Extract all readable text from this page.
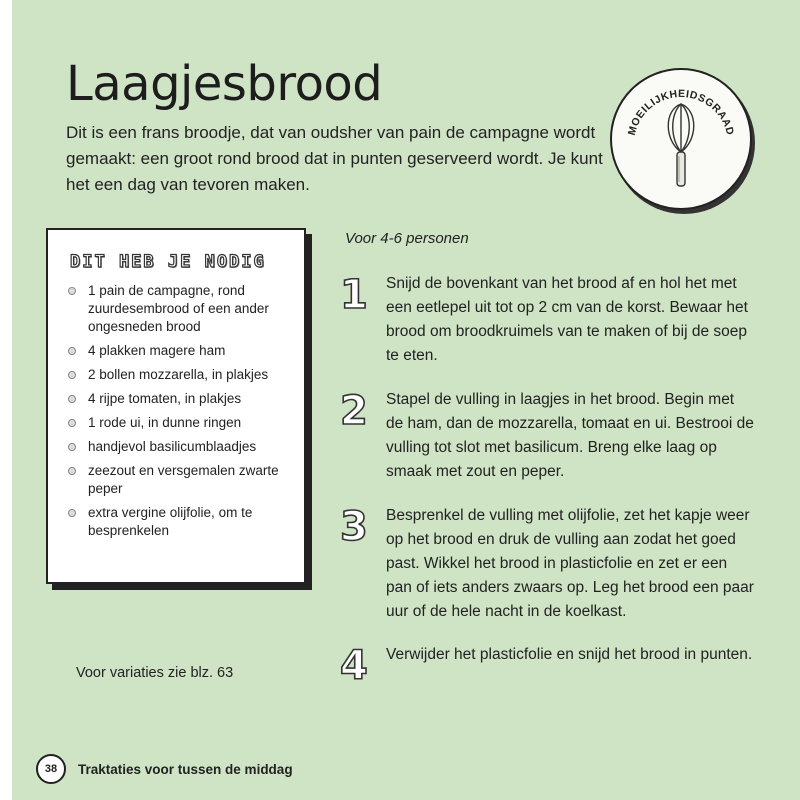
Laagjesbrood
Dit is een frans broodje, dat van oudsher van pain de campagne wordt gemaakt: een groot rond brood dat in punten geserveerd wordt. Je kunt het een dag van tevoren maken.
MOEILIJKHEIDSGRAAD
DIT HEB JE NODIG
1 pain de campagne, rond zuurdesembrood of een ander ongesneden brood
4 plakken magere ham
2 bollen mozzarella, in plakjes
4 rijpe tomaten, in plakjes
1 rode ui, in dunne ringen
handjevol basilicumblaadjes
zeezout en versgemalen zwarte peper
extra vergine olijfolie, om te besprenkelen
Voor variaties zie blz. 63
Voor 4-6 personen
1 Snijd de bovenkant van het brood af en hol het met een eetlepel uit tot op 2 cm van de korst. Bewaar het brood om broodkruimels van te maken of bij de soep te eten.
2 Stapel de vulling in laagjes in het brood. Begin met de ham, dan de mozzarella, tomaat en ui. Bestrooi de vulling tot slot met basilicum. Breng elke laag op smaak met zout en peper.
3 Besprenkel de vulling met olijfolie, zet het kapje weer op het brood en druk de vulling aan zodat het goed past. Wikkel het brood in plasticfolie en zet er een pan of iets anders zwaars op. Leg het brood een paar uur of de hele nacht in de koelkast.
4 Verwijder het plasticfolie en snijd het brood in punten.
38	Traktaties voor tussen de middag
